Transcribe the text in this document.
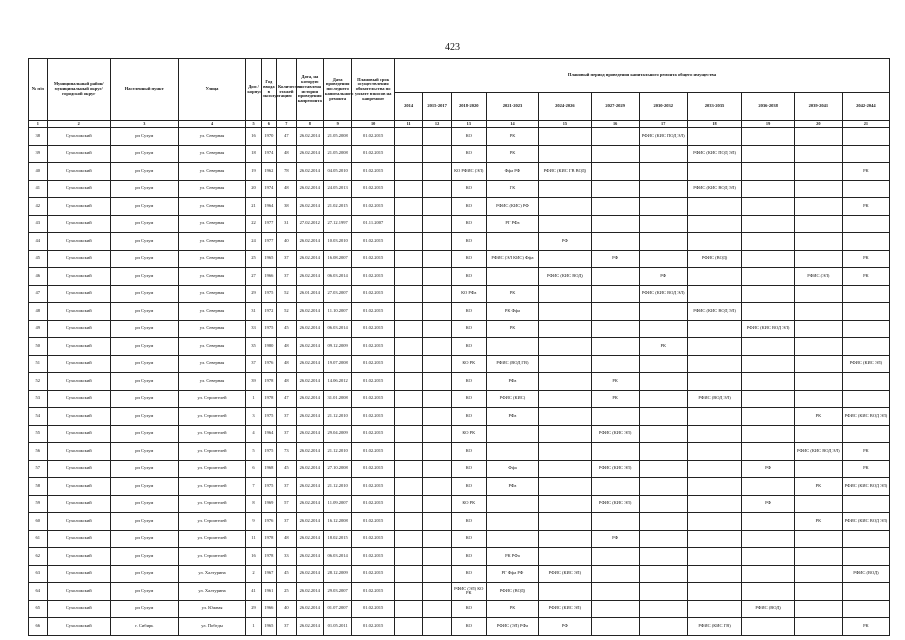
423
№ п/п	Муниципальный район/ муниципальный округ/городской округ	Населенный пункт	Улица	Дом / корпус	Год ввода в эксплуатацию	Количество этажей	Дата, на которую составлена история проведения капремонта	Дата проведения последнего капитального ремонта	Плановый срок осуществления обязательства по уплате взносов на капремонт	Плановый период проведения капитального ремонта общего имущества										
										2014	2015-2017	2018-2020	2021-2023	2024-2026	2027-2029	2030-2032	2033-2035	2036-2038	2039-2041	2042-2044
1	2	3	4	5	6	7	8	9	10	11	12	13	14	15	16	17	18	19	20	21
38	Сухоложский	рп Сухум	ул. Северная	16	1970	47	26.02.2014	21.05.2008	01.02.2015			КО	РК			РФИС (КИС ПОД ЭЛ)				
39	Сухоложский	рп Сухум	ул. Северная	18	1974	48	26.02.2014	21.05.2008	01.02.2015			КО	РК				РФИС (КИС ПОД ЭЛ)			
40	Сухоложский	рп Сухум	ул. Северная	19	1962	78	26.02.2014	04.05.2010	01.02.2015			КО РФИС (ЭЛ)	Ффа РФ	РФИС (КИС ГВ ВОД)						РК
41	Сухоложский	рп Сухум	ул. Северная	20	1974	48	26.02.2014	24.05.2013	01.02.2015			КО	ГК				РФИС (КИС ВОД ЭЛ)			
42	Сухоложский	рп Сухум	ул. Северная	21	1964	38	26.02.2014	21.02.2015	01.02.2015			КО	РФИС (КИС) РФ							РК
43	Сухоложский	рп Сухум	ул. Северная	22	1977	31	27.02.2012	27.12.1997	01.11.2007			КО	РГ РФа							
44	Сухоложский	рп Сухум	ул. Северная	24	1977	40	26.02.2014	10.03.2010	01.02.2015			КО		РФ						
45	Сухоложский	рп Сухум	ул. Северная	25	1965	37	26.02.2014	16.08.2007	01.02.2015			КО	РФИС (ЭЛ КИС) Ффа		РФ		РФИС (ВОД)			РК
46	Сухоложский	рп Сухум	ул. Северная	27	1966	37	26.02.2014	06.03.2014	01.02.2015			КО		РФИС (КИС ВОД)		РФ			РФИС (ЭЛ)	РК
47	Сухоложский	рп Сухум	ул. Северная	29	1975	52	26.01.2014	27.03.2007	01.02.2015			КО РФа	РК			РФИС (КИС ВОД ЭЛ)				
48	Сухоложский	рп Сухум	ул. Северная	31	1972	52	26.02.2014	11.10.2007	01.02.2015			КО	РК Ффа				РФИС (КИС ВОД ЭЛ)			
49	Сухоложский	рп Сухум	ул. Северная	33	1975	45	26.02.2014	06.03.2014	01.02.2015			КО	РК					РФИС (КИС ВОД ЭЛ)		
50	Сухоложский	рп Сухум	ул. Северная	35	1980	48	26.02.2014	09.12.2009	01.02.2015			КО				РК				
51	Сухоложский	рп Сухум	ул. Северная	37	1976	48	26.02.2014	19.07.2008	01.02.2015			КО РК	РФИС (ВОД ГВ)							РФИС (КИС ЭЛ)
52	Сухоложский	рп Сухум	ул. Северная	39	1978	48	26.02.2014	14.06.2012	01.02.2015			КО	РФа		РК					
53	Сухоложский	рп Сухум	ул. Строителей	1	1978	47	26.02.2014	31.01.2008	01.02.2015			КО	РФИС (КИС)		РК		РФИС (ВОД ЭЛ)			
54	Сухоложский	рп Сухум	ул. Строителей	3	1975	37	26.02.2014	21.12.2010	01.02.2015			КО	РФа						РК	РФИС (КИС ВОД ЭЛ)
55	Сухоложский	рп Сухум	ул. Строителей	4	1964	37	26.02.2014	29.04.2009	01.02.2015			КО РК			РФИС (КИС ЭЛ)					
56	Сухоложский	рп Сухум	ул. Строителей	5	1975	73	26.02.2014	21.12.2010	01.02.2015			КО							РФИС (КИС ВОД ЭЛ)	РК
57	Сухоложский	рп Сухум	ул. Строителей	6	1968	45	26.02.2014	27.10.2008	01.02.2015			КО	Ффа		РФИС (КИС ЭЛ)			РФ		РК
58	Сухоложский	рп Сухум	ул. Строителей	7	1975	37	26.02.2014	21.12.2010	01.02.2015			КО	РФа						РК	РФИС (КИС ВОД ЭЛ)
59	Сухоложский	рп Сухум	ул. Строителей	8	1969	57	26.02.2014	11.09.2007	01.02.2015			КО РК			РФИС (КИС ЭЛ)			РФ		
60	Сухоложский	рп Сухум	ул. Строителей	9	1976	37	26.02.2014	16.12.2008	01.02.2015			КО							РК	РФИС (КИС ВОД ЭЛ)
61	Сухоложский	рп Сухум	ул. Строителей	11	1978	48	26.02.2014	18.02.2015	01.02.2015			КО			РФ					
62	Сухоложский	рп Сухум	ул. Строителей	16	1978	33	26.02.2014	06.03.2014	01.02.2015			КО	РК РФа							
63	Сухоложский	рп Сухум	ул. Халтурина	2	1967	45	26.02.2014	28.12.2009	01.02.2015			КО	РГ Ффа РФ	РФИС (КИС ЭЛ)						РФИС (ВОД)
64	Сухоложский	рп Сухум	ул. Халтурина	41	1961	25	26.02.2014	29.03.2007	01.02.2015			РФИС (ЭЛ) КО РК	РФИС (ВОД)							
65	Сухоложский	рп Сухум	ул. Южная	29	1966	40	26.02.2014	01.07.2007	01.02.2015			КО	РК	РФИС (КИС ЭЛ)				РФИС (ВОД)		
66	Сухоложский	г. Сибирь	ул. Победы	1	1965	37	26.02.2014	01.05.2011	01.02.2015			КО	РФИС (ЭЛ) РФа	РФ			РФИС (КИС ГВ)			РК
